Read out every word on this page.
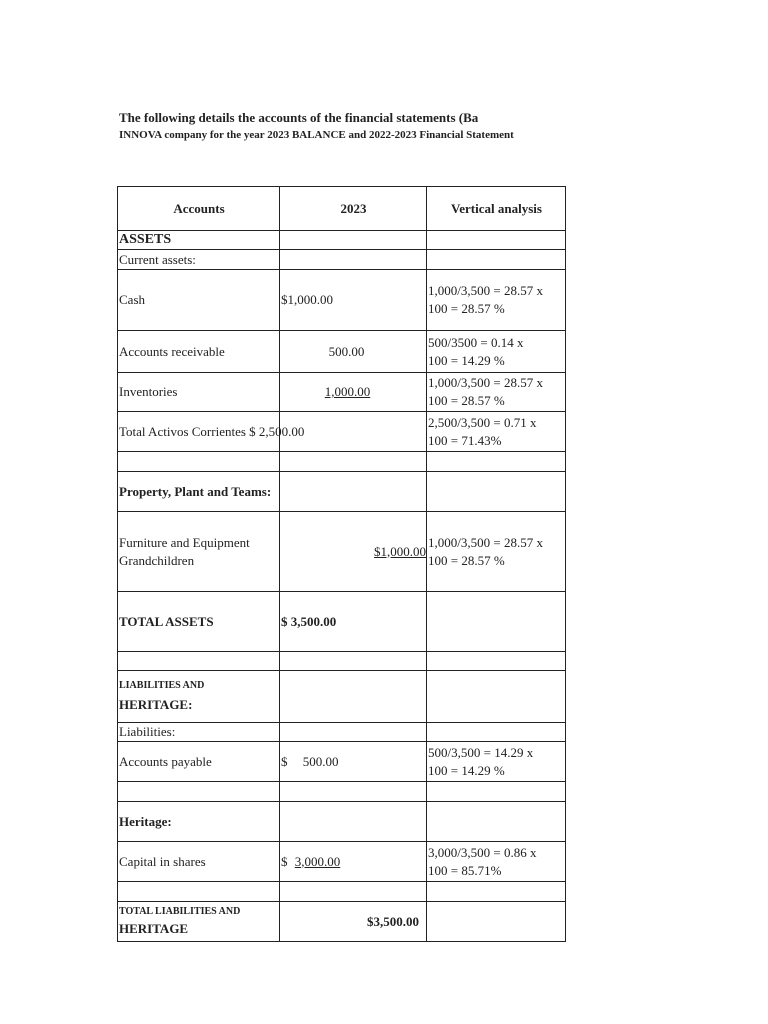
The following details the accounts of the financial statements (Ba
INNOVA company for the year 2023 BALANCE and 2022-2023 Financial Statement
Accounts	2023	Vertical analysis
ASSETS		
Current assets:		
Cash	$1,000.00	1,000/3,500 = 28.57 x
100 = 28.57 %

Accounts receivable	500.00	500/3500 = 0.14 x
100 = 14.29 %

Inventories	1,000.00	1,000/3,500 = 28.57 x
100 = 28.57 %

Total Activos Corrientes $ 2,500.00		2,500/3,500 = 0.71 x
100 = 71.43%

Property, Plant and Teams:		
Furniture and Equipment Grandchildren	$1,000.00	1,000/3,500 = 28.57 x
100 = 28.57 %

TOTAL ASSETS	$ 3,500.00	

LIABILITIES AND
HERITAGE:		

Liabilities:		
Accounts payable	$ 500.00	500/3,500 = 14.29 x
100 = 14.29 %

Heritage:		
Capital in shares	$ 3,000.00	3,000/3,500 = 0.86 x
100 = 85.71%

TOTAL LIABILITIES AND
HERITAGE	$3,500.00	
